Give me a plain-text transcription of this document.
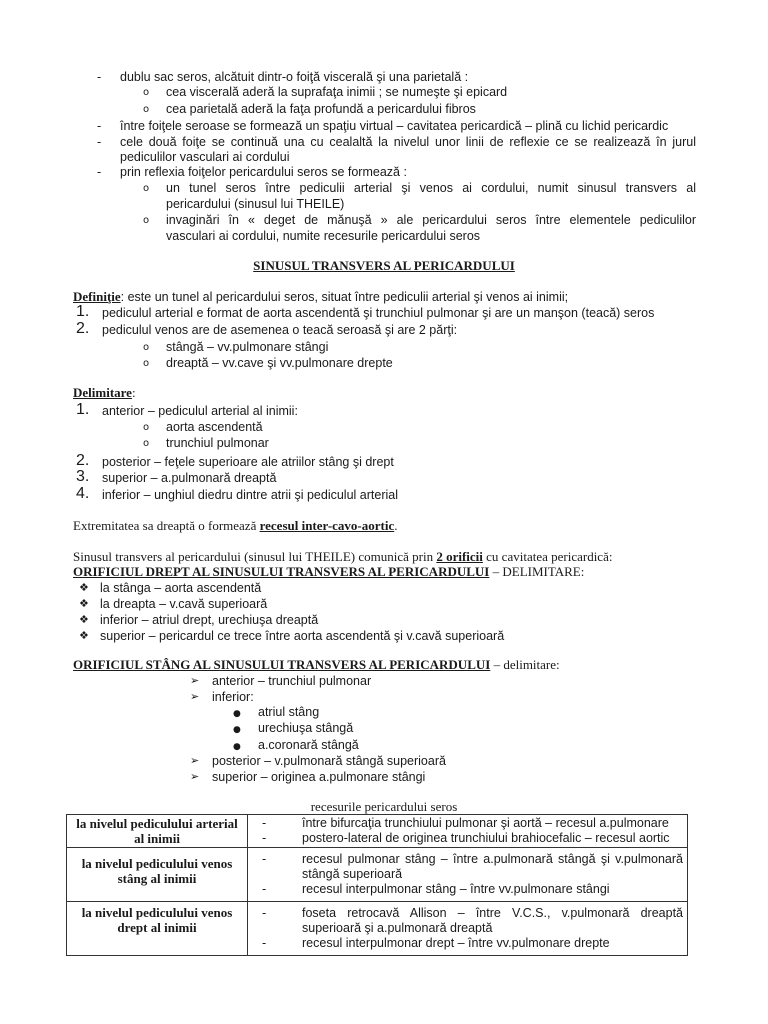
- dublu sac seros, alcătuit dintr-o foiţă viscerală şi una parietală :
o cea viscerală aderă la suprafaţa inimii ; se numeşte şi epicard
o cea parietală aderă la faţa profundă a pericardului fibros
- între foiţele seroase se formează un spaţiu virtual – cavitatea pericardică – plină cu lichid pericardic
- cele două foiţe se continuă una cu cealaltă la nivelul unor linii de reflexie ce se realizează în jurul
pediculilor vasculari ai cordului
- prin reflexia foiţelor pericardului seros se formează :
o un tunel seros între pediculii arterial şi venos ai cordului, numit sinusul transvers al
pericardului (sinusul lui THEILE)
o invaginări în « deget de mănuşă » ale pericardului seros între elementele pediculilor
vasculari ai cordului, numite recesurile pericardului seros
SINUSUL TRANSVERS AL PERICARDULUI
Definiţie: este un tunel al pericardului seros, situat între pediculii arterial şi venos ai inimii;
1. pediculul arterial e format de aorta ascendentă şi trunchiul pulmonar şi are un manşon (teacă) seros
2. pediculul venos are de asemenea o teacă seroasă şi are 2 părţi:
o stângă – vv.pulmonare stângi
o dreaptă – vv.cave şi vv.pulmonare drepte
Delimitare:
1. anterior – pediculul arterial al inimii:
o aorta ascendentă
o trunchiul pulmonar
2. posterior – feţele superioare ale atriilor stâng şi drept
3. superior – a.pulmonară dreaptă
4. inferior – unghiul diedru dintre atrii şi pediculul arterial
Extremitatea sa dreaptă o formează recesul inter-cavo-aortic.
Sinusul transvers al pericardului (sinusul lui THEILE) comunică prin 2 orificii cu cavitatea pericardică:
ORIFICIUL DREPT AL SINUSULUI TRANSVERS AL PERICARDULUI – DELIMITARE:
❖ la stânga – aorta ascendentă
❖ la dreapta – v.cavă superioară
❖ inferior – atriul drept, urechiuşa dreaptă
❖ superior – pericardul ce trece între aorta ascendentă şi v.cavă superioară
ORIFICIUL STÂNG AL SINUSULUI TRANSVERS AL PERICARDULUI – delimitare:
➢ anterior – trunchiul pulmonar
➢ inferior:
● atriul stâng
● urechiuşa stângă
● a.coronară stângă
➢ posterior – v.pulmonară stângă superioară
➢ superior – originea a.pulmonare stângi
recesurile pericardului seros
la nivelul pediculului arterial al inimii	- între bifurcaţia trunchiului pulmonar şi aortă – recesul a.pulmonare
- postero-lateral de originea trunchiului brahiocefalic – recesul aortic

la nivelul pediculului venos stâng al inimii	- recesul pulmonar stâng – între a.pulmonară stângă şi v.pulmonară stângă superioară
- recesul interpulmonar stâng – între vv.pulmonare stângi

la nivelul pediculului venos drept al inimii	- foseta retrocavă Allison – între V.C.S., v.pulmonară dreaptă superioară şi a.pulmonară dreaptă
- recesul interpulmonar drept – între vv.pulmonare drepte
